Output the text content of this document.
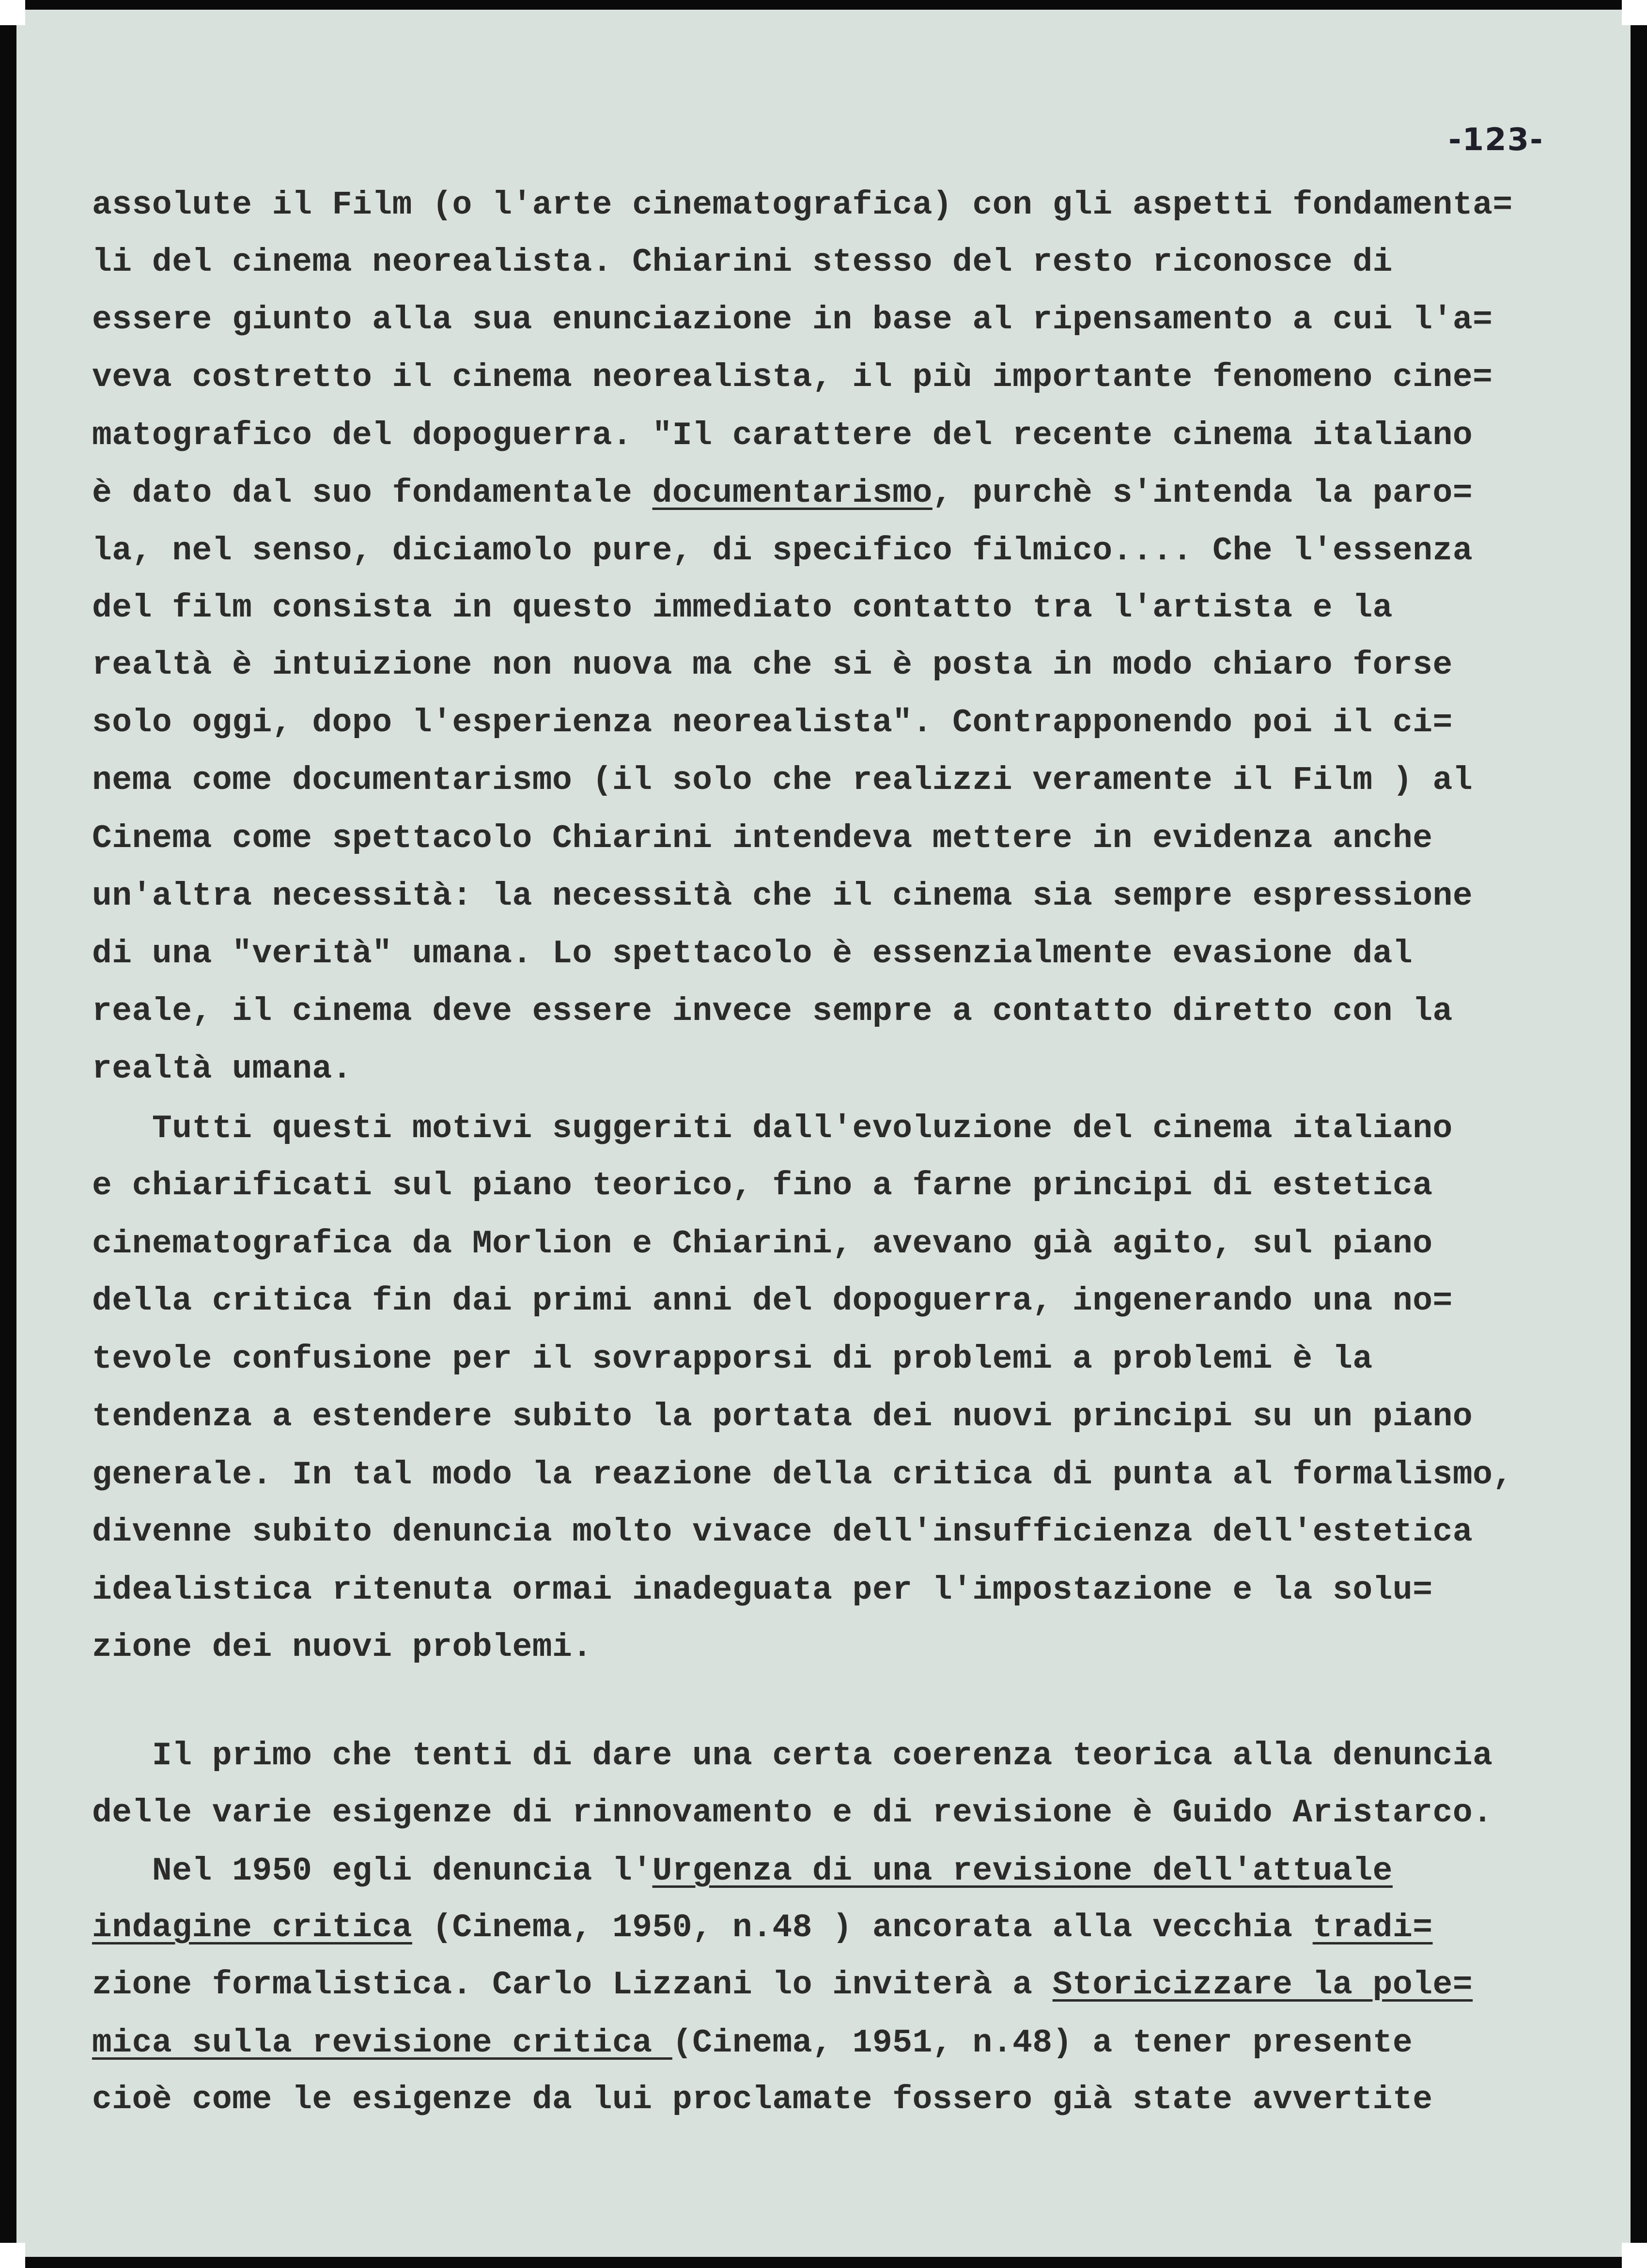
-123-
assolute il Film (o l'arte cinematografica) con gli aspetti fondamenta=
li del cinema neorealista. Chiarini stesso del resto riconosce di
essere giunto alla sua enunciazione in base al ripensamento a cui l'a=
veva costretto il cinema neorealista, il più importante fenomeno cine=
matografico del dopoguerra. "Il carattere del recente cinema italiano
è dato dal suo fondamentale documentarismo, purchè s'intenda la paro=
la, nel senso, diciamolo pure, di specifico filmico.... Che l'essenza
del film consista in questo immediato contatto tra l'artista e la
realtà è intuizione non nuova ma che si è posta in modo chiaro forse
solo oggi, dopo l'esperienza neorealista". Contrapponendo poi il ci=
nema come documentarismo (il solo che realizzi veramente il Film ) al
Cinema come spettacolo Chiarini intendeva mettere in evidenza anche
un'altra necessità: la necessità che il cinema sia sempre espressione
di una "verità" umana. Lo spettacolo è essenzialmente evasione dal
reale, il cinema deve essere invece sempre a contatto diretto con la
realtà umana.
Tutti questi motivi suggeriti dall'evoluzione del cinema italiano
e chiarificati sul piano teorico, fino a farne principi di estetica
cinematografica da Morlion e Chiarini, avevano già agito, sul piano
della critica fin dai primi anni del dopoguerra, ingenerando una no=
tevole confusione per il sovrapporsi di problemi a problemi è la
tendenza a estendere subito la portata dei nuovi principi su un piano
generale. In tal modo la reazione della critica di punta al formalismo,
divenne subito denuncia molto vivace dell'insufficienza dell'estetica
idealistica ritenuta ormai inadeguata per l'impostazione e la solu=
zione dei nuovi problemi.
Il primo che tenti di dare una certa coerenza teorica alla denuncia
delle varie esigenze di rinnovamento e di revisione è Guido Aristarco.
Nel 1950 egli denuncia l'Urgenza di una revisione dell'attuale
indagine critica (Cinema, 1950, n.48 ) ancorata alla vecchia tradi=
zione formalistica. Carlo Lizzani lo inviterà a Storicizzare la pole=
mica sulla revisione critica (Cinema, 1951, n.48) a tener presente
cioè come le esigenze da lui proclamate fossero già state avvertite
